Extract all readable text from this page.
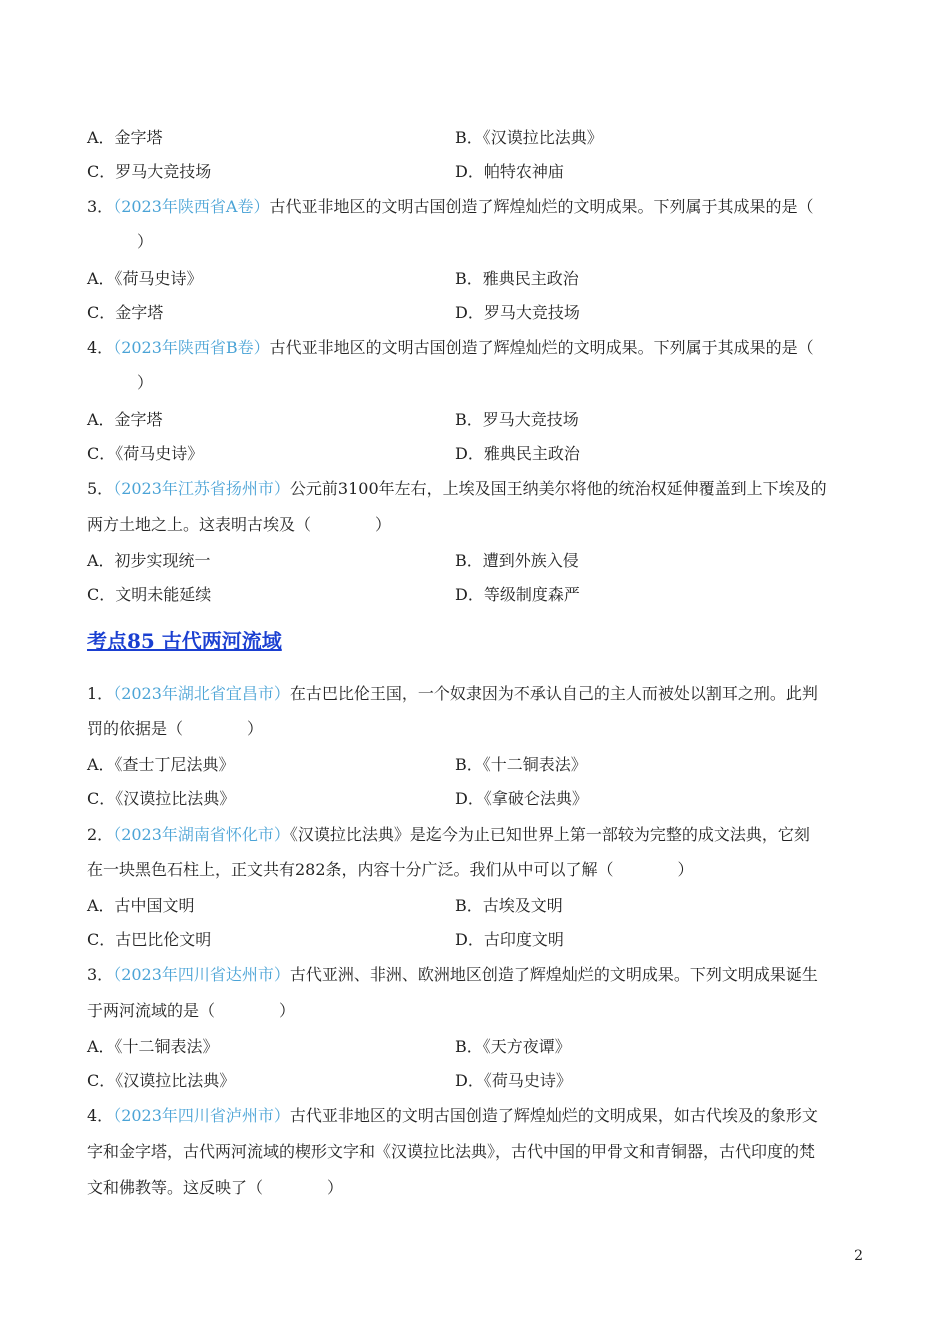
A．金字塔	B．《汉谟拉比法典》
C．罗马大竞技场	D．帕特农神庙
3．（2023年陕西省A卷）古代亚非地区的文明古国创造了辉煌灿烂的文明成果。下列属于其成果的是（
）
A．《荷马史诗》	B．雅典民主政治
C．金字塔	D．罗马大竞技场
4．（2023年陕西省B卷）古代亚非地区的文明古国创造了辉煌灿烂的文明成果。下列属于其成果的是（
）
A．金字塔	B．罗马大竞技场
C．《荷马史诗》	D．雅典民主政治
5．（2023年江苏省扬州市）公元前3100年左右，上埃及国王纳美尔将他的统治权延伸覆盖到上下埃及的
两方土地之上。这表明古埃及（　　　　）
A．初步实现统一	B．遭到外族入侵
C．文明未能延续	D．等级制度森严
考点85 古代两河流域
1．（2023年湖北省宜昌市）在古巴比伦王国，一个奴隶因为不承认自己的主人而被处以割耳之刑。此判
罚的依据是（　　　　）
A．《查士丁尼法典》	B．《十二铜表法》
C．《汉谟拉比法典》	D．《拿破仑法典》
2．（2023年湖南省怀化市）《汉谟拉比法典》是迄今为止已知世界上第一部较为完整的成文法典，它刻
在一块黑色石柱上，正文共有282条，内容十分广泛。我们从中可以了解（　　　　）
A．古中国文明	B．古埃及文明
C．古巴比伦文明	D．古印度文明
3．（2023年四川省达州市）古代亚洲、非洲、欧洲地区创造了辉煌灿烂的文明成果。下列文明成果诞生
于两河流域的是（　　　　）
A．《十二铜表法》	B．《天方夜谭》
C．《汉谟拉比法典》	D．《荷马史诗》
4．（2023年四川省泸州市）古代亚非地区的文明古国创造了辉煌灿烂的文明成果，如古代埃及的象形文
字和金字塔，古代两河流域的楔形文字和《汉谟拉比法典》，古代中国的甲骨文和青铜器，古代印度的梵
文和佛教等。这反映了（　　　　）
2
